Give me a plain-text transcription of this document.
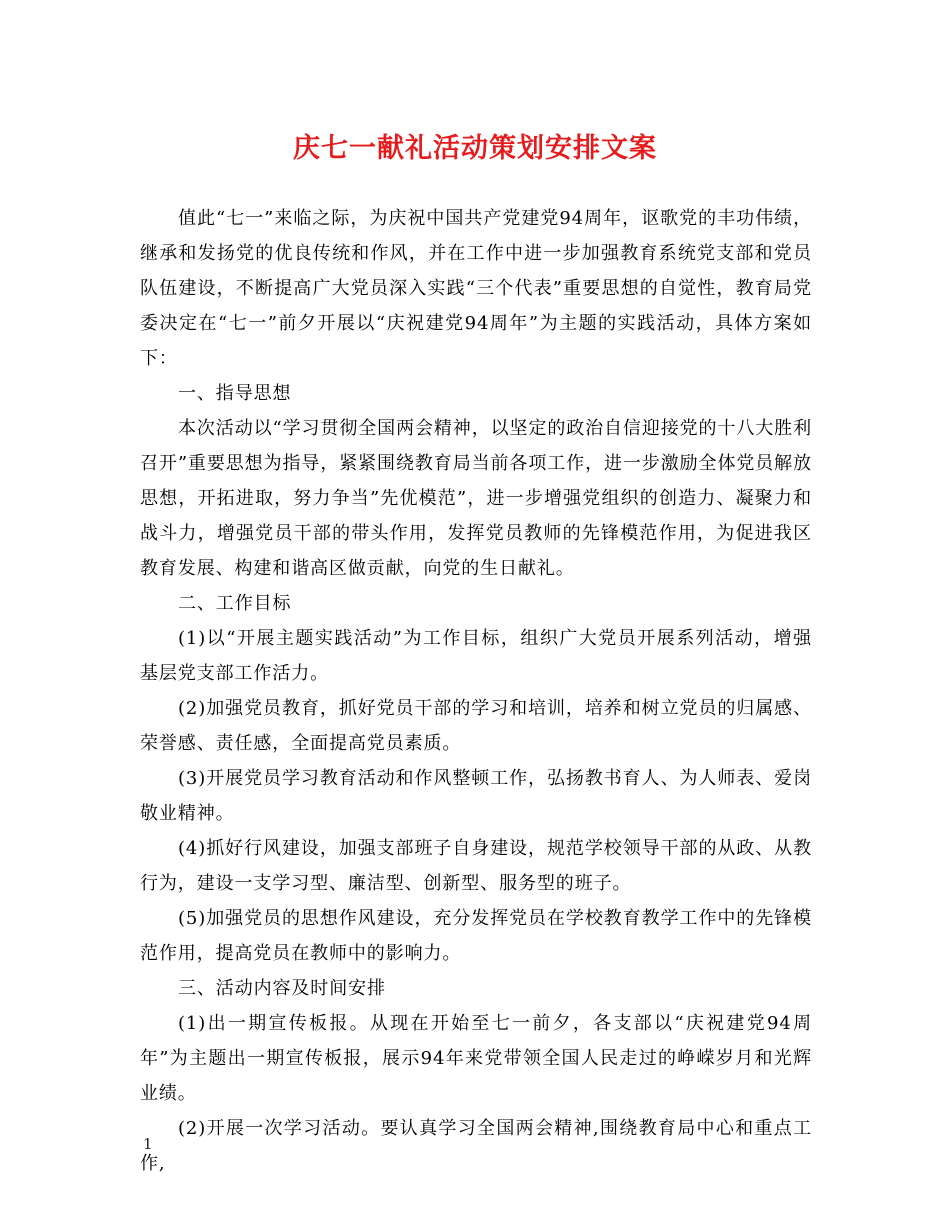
庆七一献礼活动策划安排文案

值此“七一”来临之际，为庆祝中国共产党建党94周年，讴歌党的丰功伟绩，继承和发扬党的优良传统和作风，并在工作中进一步加强教育系统党支部和党员队伍建设，不断提高广大党员深入实践“三个代表”重要思想的自觉性，教育局党委决定在“七一”前夕开展以“庆祝建党94周年”为主题的实践活动，具体方案如下：

一、指导思想

本次活动以“学习贯彻全国两会精神，以坚定的政治自信迎接党的十八大胜利召开”重要思想为指导，紧紧围绕教育局当前各项工作，进一步激励全体党员解放思想，开拓进取，努力争当”先优模范”，进一步增强党组织的创造力、凝聚力和战斗力，增强党员干部的带头作用，发挥党员教师的先锋模范作用，为促进我区教育发展、构建和谐高区做贡献，向党的生日献礼。

二、工作目标

(1)以“开展主题实践活动”为工作目标，组织广大党员开展系列活动，增强基层党支部工作活力。

(2)加强党员教育，抓好党员干部的学习和培训，培养和树立党员的归属感、荣誉感、责任感，全面提高党员素质。

(3)开展党员学习教育活动和作风整顿工作，弘扬教书育人、为人师表、爱岗敬业精神。

(4)抓好行风建设，加强支部班子自身建设，规范学校领导干部的从政、从教行为，建设一支学习型、廉洁型、创新型、服务型的班子。

(5)加强党员的思想作风建设，充分发挥党员在学校教育教学工作中的先锋模范作用，提高党员在教师中的影响力。

三、活动内容及时间安排

(1)出一期宣传板报。从现在开始至七一前夕，各支部以“庆祝建党94周年”为主题出一期宣传板报，展示94年来党带领全国人民走过的峥嵘岁月和光辉业绩。

(2)开展一次学习活动。要认真学习全国两会精神,围绕教育局中心和重点工作,

1
